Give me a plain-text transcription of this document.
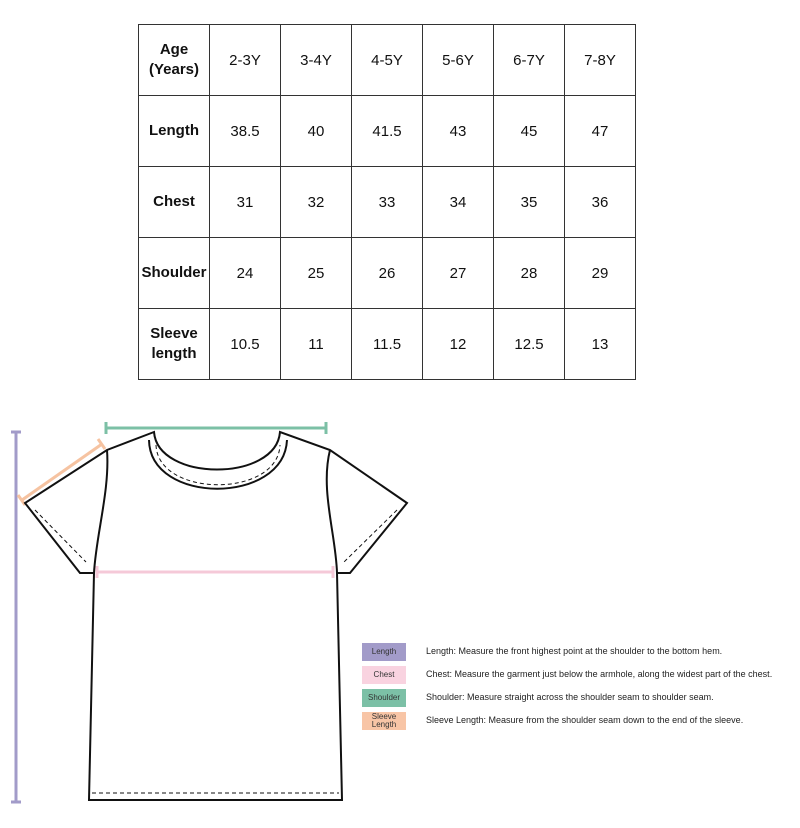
Age
(Years)	2-3Y	3-4Y	4-5Y	5-6Y	6-7Y	7-8Y
Length	38.5	40	41.5	43	45	47
Chest	31	32	33	34	35	36
Shoulder	24	25	26	27	28	29
Sleeve
length	10.5	11	11.5	12	12.5	13
Length	Length: Measure the front highest point at the shoulder to the bottom hem.
Chest	Chest: Measure the garment just below the armhole, along the widest part of the chest.
Shoulder	Shoulder: Measure straight across the shoulder seam to shoulder seam.
Sleeve
Length	Sleeve Length: Measure from the shoulder seam down to the end of the sleeve.
